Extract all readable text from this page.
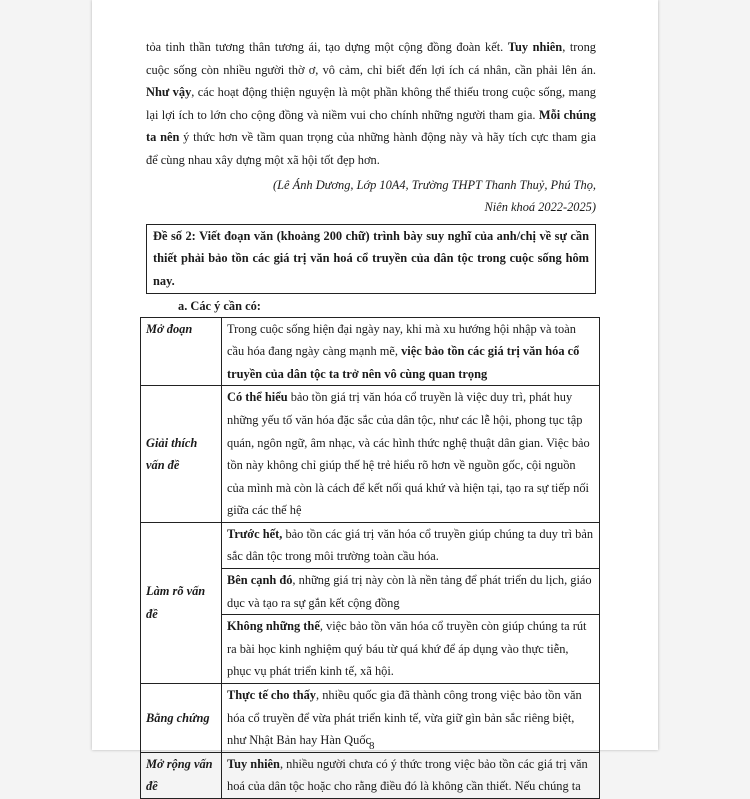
tỏa tinh thần tương thân tương ái, tạo dựng một cộng đồng đoàn kết. Tuy nhiên, trong cuộc sống còn nhiều người thờ ơ, vô cảm, chỉ biết đến lợi ích cá nhân, cần phải lên án. Như vậy, các hoạt động thiện nguyện là một phần không thể thiếu trong cuộc sống, mang lại lợi ích to lớn cho cộng đồng và niềm vui cho chính những người tham gia. Mỗi chúng ta nên ý thức hơn về tầm quan trọng của những hành động này và hãy tích cực tham gia để cùng nhau xây dựng một xã hội tốt đẹp hơn.

(Lê Ánh Dương, Lớp 10A4, Trường THPT Thanh Thuỷ, Phú Thọ,
Niên khoá 2022-2025)
Đề số 2: Viết đoạn văn (khoảng 200 chữ) trình bày suy nghĩ của anh/chị về sự cần thiết phải bảo tồn các giá trị văn hoá cổ truyền của dân tộc trong cuộc sống hôm nay.
a. Các ý cần có:
Mở đoạn	Trong cuộc sống hiện đại ngày nay, khi mà xu hướng hội nhập và toàn cầu hóa đang ngày càng mạnh mẽ, việc bảo tồn các giá trị văn hóa cổ truyền của dân tộc ta trở nên vô cùng quan trọng
Giải thích vấn đề	Có thể hiểu bảo tồn giá trị văn hóa cổ truyền là việc duy trì, phát huy những yếu tố văn hóa đặc sắc của dân tộc, như các lễ hội, phong tục tập quán, ngôn ngữ, âm nhạc, và các hình thức nghệ thuật dân gian. Việc bảo tồn này không chỉ giúp thế hệ trẻ hiểu rõ hơn về nguồn gốc, cội nguồn của mình mà còn là cách để kết nối quá khứ và hiện tại, tạo ra sự tiếp nối giữa các thế hệ
Làm rõ vấn đề	Trước hết, bảo tồn các giá trị văn hóa cổ truyền giúp chúng ta duy trì bản sắc dân tộc trong môi trường toàn cầu hóa.
	Bên cạnh đó, những giá trị này còn là nền tảng để phát triển du lịch, giáo dục và tạo ra sự gắn kết cộng đồng
	Không những thế, việc bảo tồn văn hóa cổ truyền còn giúp chúng ta rút ra bài học kinh nghiệm quý báu từ quá khứ để áp dụng vào thực tiễn, phục vụ phát triển kinh tế, xã hội.
Bằng chứng	Thực tế cho thấy, nhiều quốc gia đã thành công trong việc bảo tồn văn hóa cổ truyền để vừa phát triển kinh tế, vừa giữ gìn bản sắc riêng biệt, như Nhật Bản hay Hàn Quốc
Mở rộng vấn đề	Tuy nhiên, nhiều người chưa có ý thức trong việc bảo tồn các giá trị văn hoá của dân tộc hoặc cho rằng điều đó là không cần thiết. Nếu chúng ta
8
